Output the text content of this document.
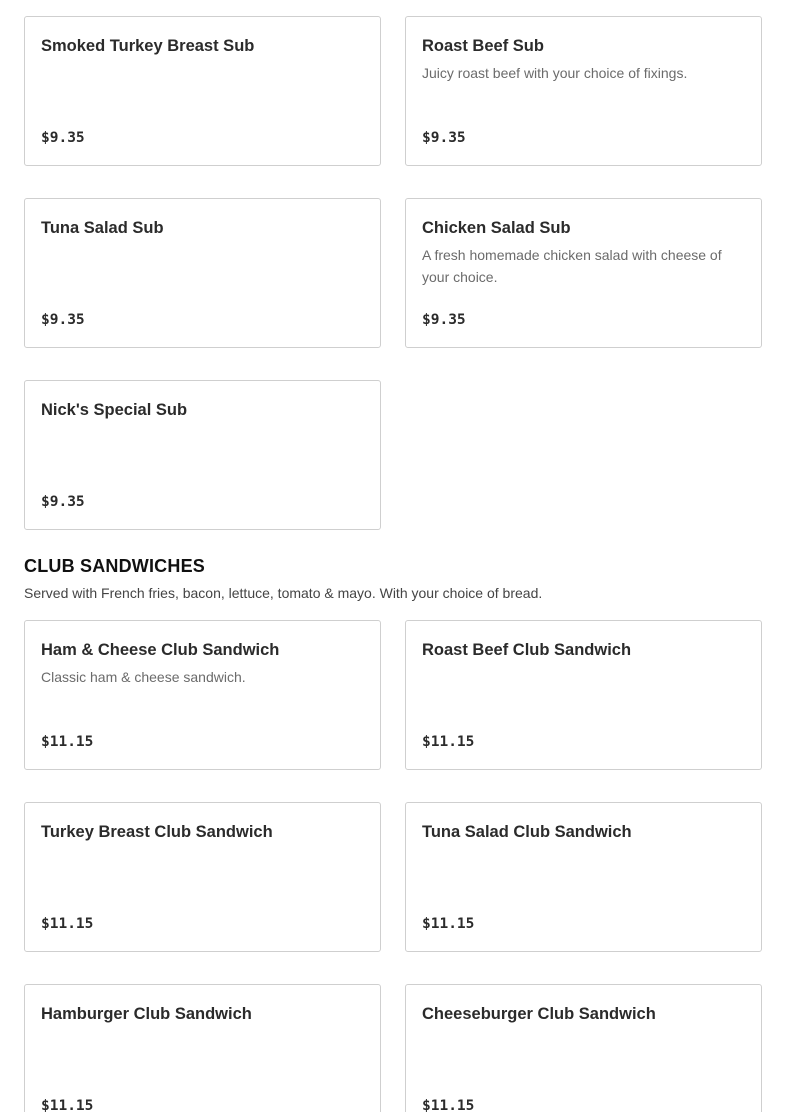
Smoked Turkey Breast Sub
$9.35
Roast Beef Sub
Juicy roast beef with your choice of fixings.
$9.35
Tuna Salad Sub
$9.35
Chicken Salad Sub
A fresh homemade chicken salad with cheese of your choice.
$9.35
Nick's Special Sub
$9.35
CLUB SANDWICHES
Served with French fries, bacon, lettuce, tomato & mayo. With your choice of bread.
Ham & Cheese Club Sandwich
Classic ham & cheese sandwich.
$11.15
Roast Beef Club Sandwich
$11.15
Turkey Breast Club Sandwich
$11.15
Tuna Salad Club Sandwich
$11.15
Hamburger Club Sandwich
$11.15
Cheeseburger Club Sandwich
$11.15
